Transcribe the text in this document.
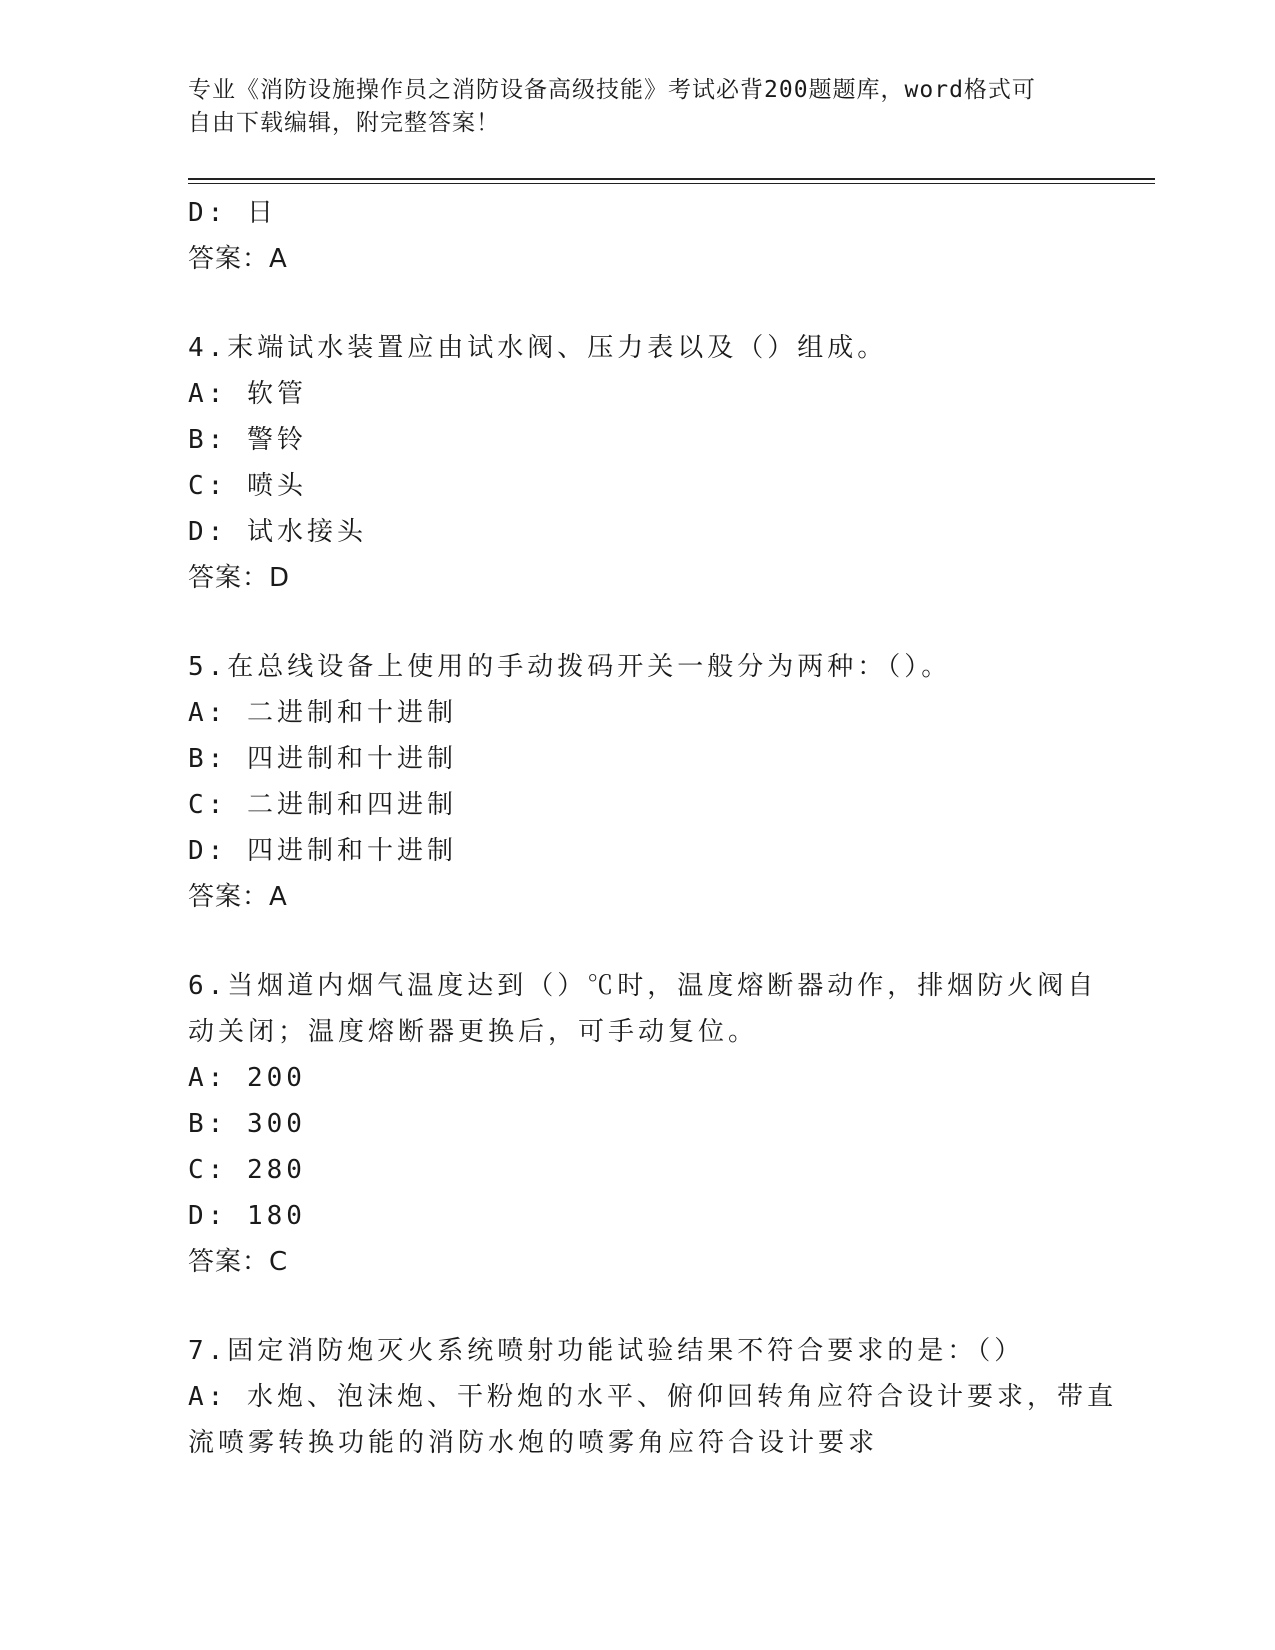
专业《消防设施操作员之消防设备高级技能》考试必背200题题库，word格式可
自由下载编辑，附完整答案！
D: 日
答案：A
4.末端试水装置应由试水阀、压力表以及（）组成。
A: 软管
B: 警铃
C: 喷头
D: 试水接头
答案：D
5.在总线设备上使用的手动拨码开关一般分为两种：（）。
A: 二进制和十进制
B: 四进制和十进制
C: 二进制和四进制
D: 四进制和十进制
答案：A
6.当烟道内烟气温度达到（）℃时，温度熔断器动作，排烟防火阀自
动关闭；温度熔断器更换后，可手动复位。
A: 200
B: 300
C: 280
D: 180
答案：C
7.固定消防炮灭火系统喷射功能试验结果不符合要求的是：（）
A: 水炮、泡沫炮、干粉炮的水平、俯仰回转角应符合设计要求，带直
流喷雾转换功能的消防水炮的喷雾角应符合设计要求
